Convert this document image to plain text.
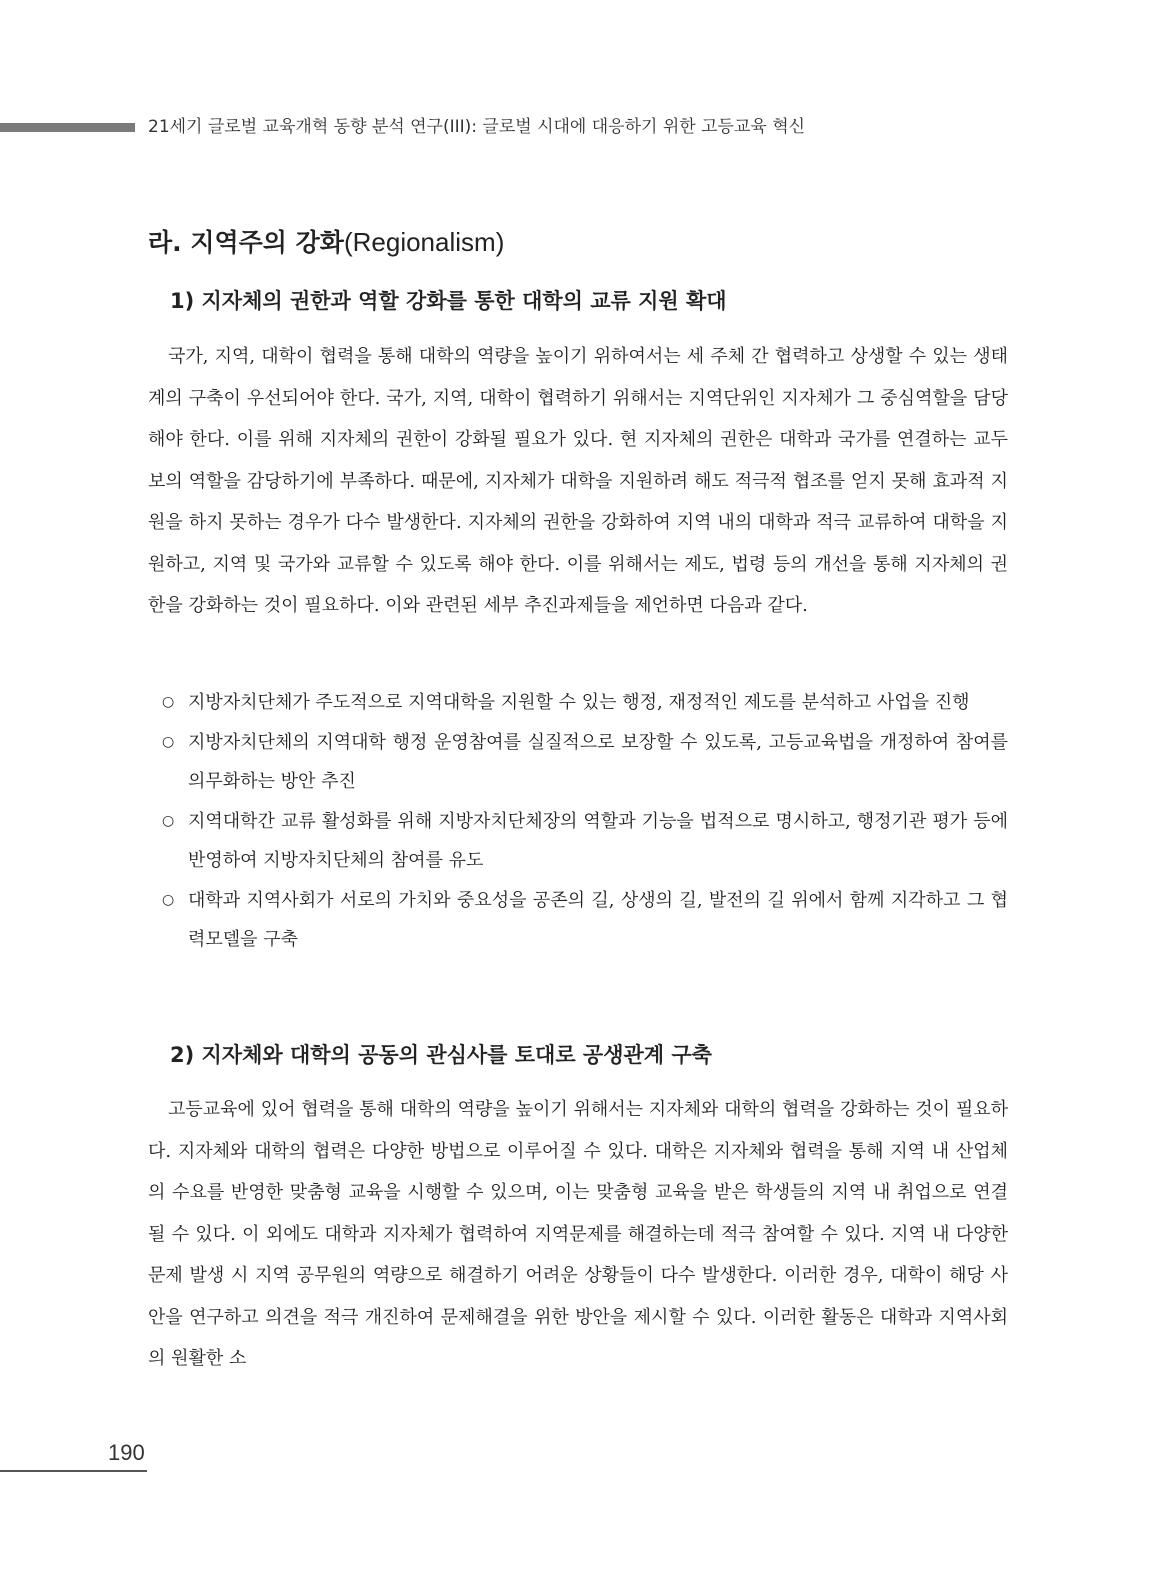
21세기 글로벌 교육개혁 동향 분석 연구(III): 글로벌 시대에 대응하기 위한 고등교육 혁신
라. 지역주의 강화(Regionalism)
1) 지자체의 권한과 역할 강화를 통한 대학의 교류 지원 확대

국가, 지역, 대학이 협력을 통해 대학의 역량을 높이기 위하여서는 세 주체 간 협력하고 상생할 수 있는 생태계의 구축이 우선되어야 한다. 국가, 지역, 대학이 협력하기 위해서는 지역단위인 지자체가 그 중심역할을 담당해야 한다. 이를 위해 지자체의 권한이 강화될 필요가 있다. 현 지자체의 권한은 대학과 국가를 연결하는 교두보의 역할을 감당하기에 부족하다. 때문에, 지자체가 대학을 지원하려 해도 적극적 협조를 얻지 못해 효과적 지원을 하지 못하는 경우가 다수 발생한다. 지자체의 권한을 강화하여 지역 내의 대학과 적극 교류하여 대학을 지원하고, 지역 및 국가와 교류할 수 있도록 해야 한다. 이를 위해서는 제도, 법령 등의 개선을 통해 지자체의 권한을 강화하는 것이 필요하다. 이와 관련된 세부 추진과제들을 제언하면 다음과 같다.

○ 지방자치단체가 주도적으로 지역대학을 지원할 수 있는 행정, 재정적인 제도를 분석하고 사업을 진행
○ 지방자치단체의 지역대학 행정 운영참여를 실질적으로 보장할 수 있도록, 고등교육법을 개정하여 참여를 의무화하는 방안 추진
○ 지역대학간 교류 활성화를 위해 지방자치단체장의 역할과 기능을 법적으로 명시하고, 행정기관 평가 등에 반영하여 지방자치단체의 참여를 유도
○ 대학과 지역사회가 서로의 가치와 중요성을 공존의 길, 상생의 길, 발전의 길 위에서 함께 지각하고 그 협력모델을 구축
2) 지자체와 대학의 공동의 관심사를 토대로 공생관계 구축

고등교육에 있어 협력을 통해 대학의 역량을 높이기 위해서는 지자체와 대학의 협력을 강화하는 것이 필요하다. 지자체와 대학의 협력은 다양한 방법으로 이루어질 수 있다. 대학은 지자체와 협력을 통해 지역 내 산업체의 수요를 반영한 맞춤형 교육을 시행할 수 있으며, 이는 맞춤형 교육을 받은 학생들의 지역 내 취업으로 연결될 수 있다. 이 외에도 대학과 지자체가 협력하여 지역문제를 해결하는데 적극 참여할 수 있다. 지역 내 다양한 문제 발생 시 지역 공무원의 역량으로 해결하기 어려운 상황들이 다수 발생한다. 이러한 경우, 대학이 해당 사안을 연구하고 의견을 적극 개진하여 문제해결을 위한 방안을 제시할 수 있다. 이러한 활동은 대학과 지역사회의 원활한 소

190
